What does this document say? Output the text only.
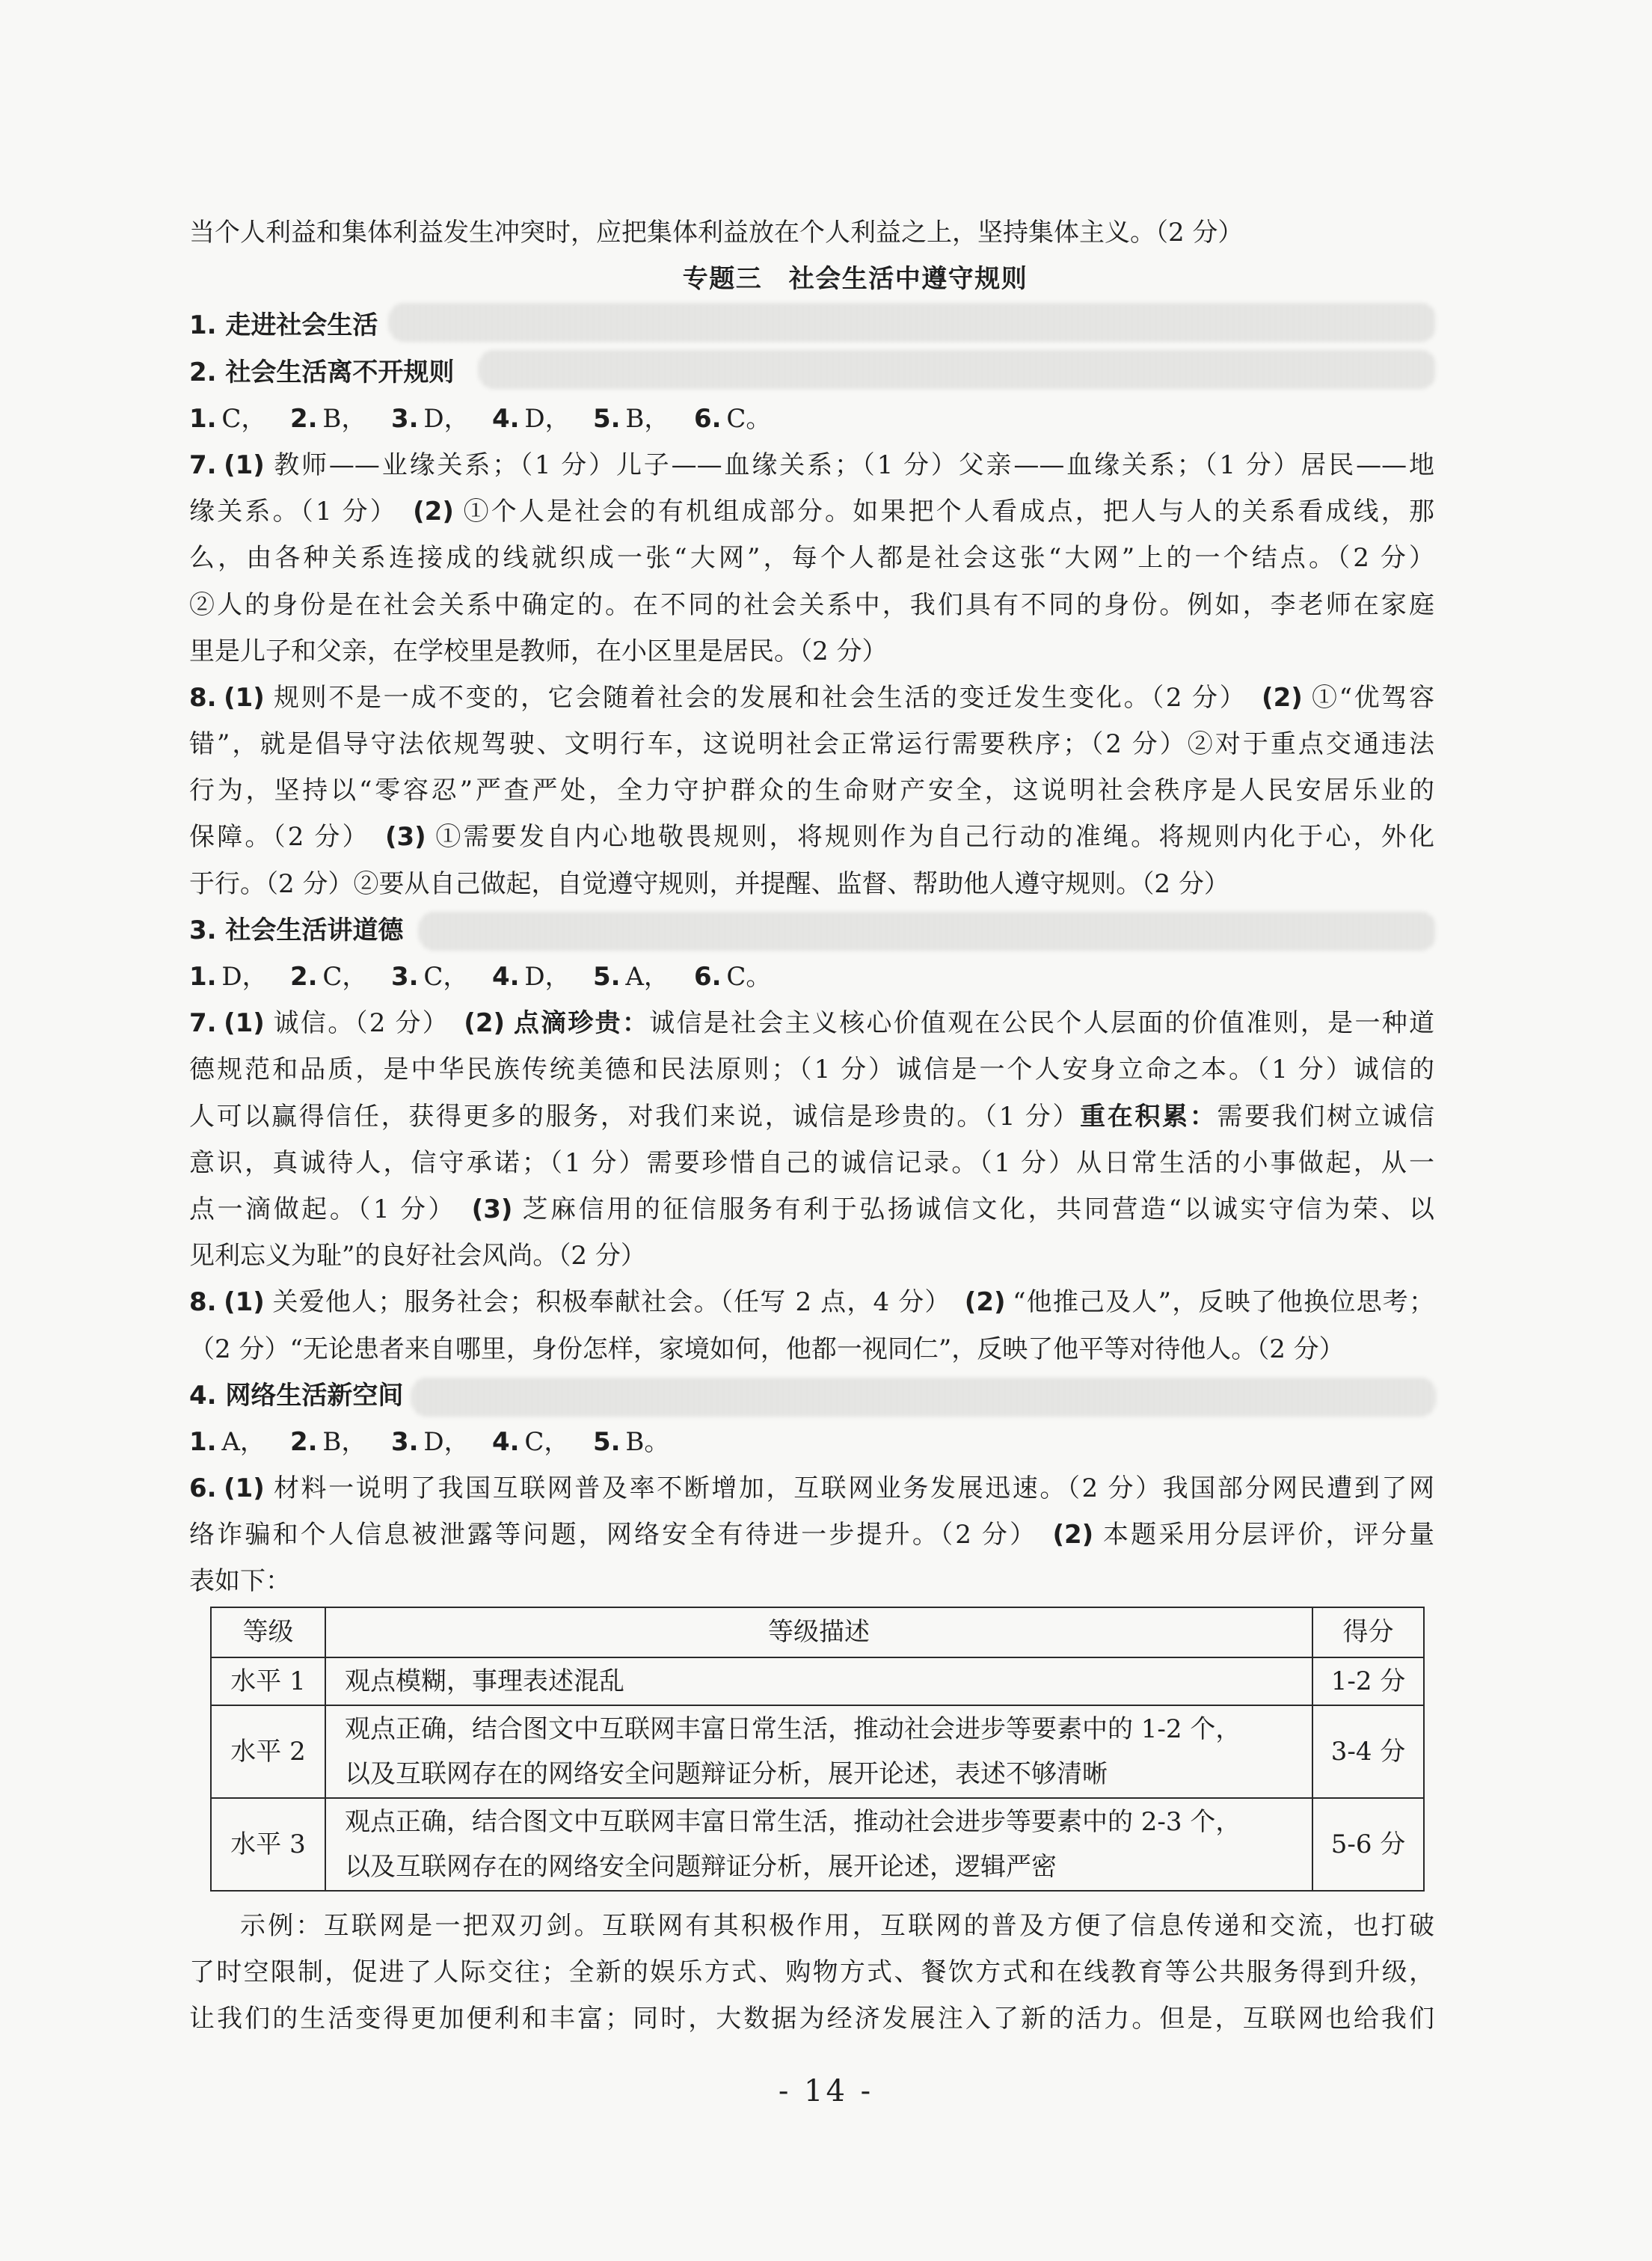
当个人利益和集体利益发生冲突时，应把集体利益放在个人利益之上，坚持集体主义。（2 分）
专题三　社会生活中遵守规则
1. 走进社会生活
2. 社会生活离不开规则
1. C， 2. B， 3. D， 4. D， 5. B， 6. C。
7. (1) 教师——业缘关系；（1 分）儿子——血缘关系；（1 分）父亲——血缘关系；（1 分）居民——地
缘关系。（1 分）　(2) ①个人是社会的有机组成部分。如果把个人看成点，把人与人的关系看成线，那
么，由各种关系连接成的线就织成一张“大网”，每个人都是社会这张“大网”上的一个结点。（2 分）
②人的身份是在社会关系中确定的。在不同的社会关系中，我们具有不同的身份。例如，李老师在家庭
里是儿子和父亲，在学校里是教师，在小区里是居民。（2 分）
8. (1) 规则不是一成不变的，它会随着社会的发展和社会生活的变迁发生变化。（2 分）　(2) ①“优驾容
错”，就是倡导守法依规驾驶、文明行车，这说明社会正常运行需要秩序；（2 分）②对于重点交通违法
行为，坚持以“零容忍”严查严处，全力守护群众的生命财产安全，这说明社会秩序是人民安居乐业的
保障。（2 分）　(3) ①需要发自内心地敬畏规则，将规则作为自己行动的准绳。将规则内化于心，外化
于行。（2 分）②要从自己做起，自觉遵守规则，并提醒、监督、帮助他人遵守规则。（2 分）
3. 社会生活讲道德
1. D， 2. C， 3. C， 4. D， 5. A， 6. C。
7. (1) 诚信。（2 分）　(2) 点滴珍贵：诚信是社会主义核心价值观在公民个人层面的价值准则，是一种道
德规范和品质，是中华民族传统美德和民法原则；（1 分）诚信是一个人安身立命之本。（1 分）诚信的
人可以赢得信任，获得更多的服务，对我们来说，诚信是珍贵的。（1 分）重在积累：需要我们树立诚信
意识，真诚待人，信守承诺；（1 分）需要珍惜自己的诚信记录。（1 分）从日常生活的小事做起，从一
点一滴做起。（1 分）　(3) 芝麻信用的征信服务有利于弘扬诚信文化，共同营造“以诚实守信为荣、以
见利忘义为耻”的良好社会风尚。（2 分）
8. (1) 关爱他人；服务社会；积极奉献社会。（任写 2 点，4 分）　(2) “他推己及人”，反映了他换位思考；
（2 分）“无论患者来自哪里，身份怎样，家境如何，他都一视同仁”，反映了他平等对待他人。（2 分）
4. 网络生活新空间
1. A， 2. B， 3. D， 4. C， 5. B。
6. (1) 材料一说明了我国互联网普及率不断增加，互联网业务发展迅速。（2 分）我国部分网民遭到了网
络诈骗和个人信息被泄露等问题，网络安全有待进一步提升。（2 分）　(2) 本题采用分层评价，评分量
表如下：
等级	等级描述	得分
水平 1	观点模糊，事理表述混乱	1-2 分
水平 2	观点正确，结合图文中互联网丰富日常生活，推动社会进步等要素中的 1-2 个，
以及互联网存在的网络安全问题辩证分析，展开论述，表述不够清晰	3-4 分
水平 3	观点正确，结合图文中互联网丰富日常生活，推动社会进步等要素中的 2-3 个，
以及互联网存在的网络安全问题辩证分析，展开论述，逻辑严密	5-6 分
示例：互联网是一把双刃剑。互联网有其积极作用，互联网的普及方便了信息传递和交流，也打破
了时空限制，促进了人际交往；全新的娱乐方式、购物方式、餐饮方式和在线教育等公共服务得到升级，
让我们的生活变得更加便利和丰富；同时，大数据为经济发展注入了新的活力。但是，互联网也给我们
- 14 -
